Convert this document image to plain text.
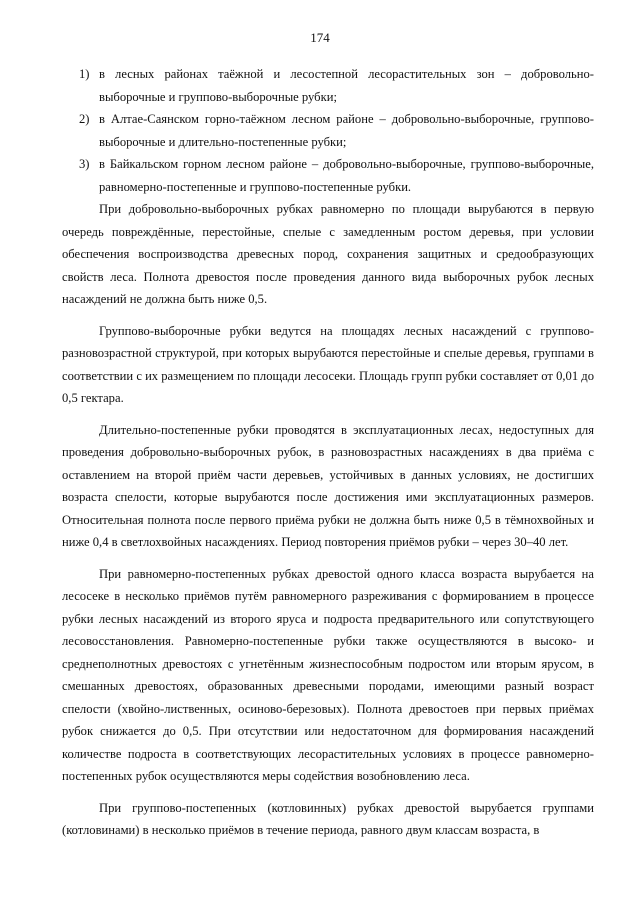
174
1) в лесных районах таёжной и лесостепной лесорастительных зон – добровольно-выборочные и группово-выборочные рубки;
2) в Алтае-Саянском горно-таёжном лесном районе – добровольно-выборочные, группово-выборочные и длительно-постепенные рубки;
3) в Байкальском горном лесном районе – добровольно-выборочные, группово-выборочные, равномерно-постепенные и группово-постепенные рубки.

При добровольно-выборочных рубках равномерно по площади вырубаются в первую очередь повреждённые, перестойные, спелые с замедленным ростом деревья, при условии обеспечения воспроизводства древесных пород, сохранения защитных и средообразующих свойств леса. Полнота древостоя после проведения данного вида выборочных рубок лесных насаждений не должна быть ниже 0,5.

Группово-выборочные рубки ведутся на площадях лесных насаждений с группово-разновозрастной структурой, при которых вырубаются перестойные и спелые деревья, группами в соответствии с их размещением по площади лесосеки. Площадь групп рубки составляет от 0,01 до 0,5 гектара.

Длительно-постепенные рубки проводятся в эксплуатационных лесах, недоступных для проведения добровольно-выборочных рубок, в разновозрастных насаждениях в два приёма с оставлением на второй приём части деревьев, устойчивых в данных условиях, не достигших возраста спелости, которые вырубаются после достижения ими эксплуатационных размеров. Относительная полнота после первого приёма рубки не должна быть ниже 0,5 в тёмнохвойных и ниже 0,4 в светлохвойных насаждениях. Период повторения приёмов рубки – через 30–40 лет.

При равномерно-постепенных рубках древостой одного класса возраста вырубается на лесосеке в несколько приёмов путём равномерного разреживания с формированием в процессе рубки лесных насаждений из второго яруса и подроста предварительного или сопутствующего лесовосстановления. Равномерно-постепенные рубки также осуществляются в высоко- и среднеполнотных древостоях с угнетённым жизнеспособным подростом или вторым ярусом, в смешанных древостоях, образованных древесными породами, имеющими разный возраст спелости (хвойно-лиственных, осиново-березовых). Полнота древостоев при первых приёмах рубок снижается до 0,5. При отсутствии или недостаточном для формирования насаждений количестве подроста в соответствующих лесорастительных условиях в процессе равномерно-постепенных рубок осуществляются меры содействия возобновлению леса.

При группово-постепенных (котловинных) рубках древостой вырубается группами (котловинами) в несколько приёмов в течение периода, равного двум классам возраста, в
